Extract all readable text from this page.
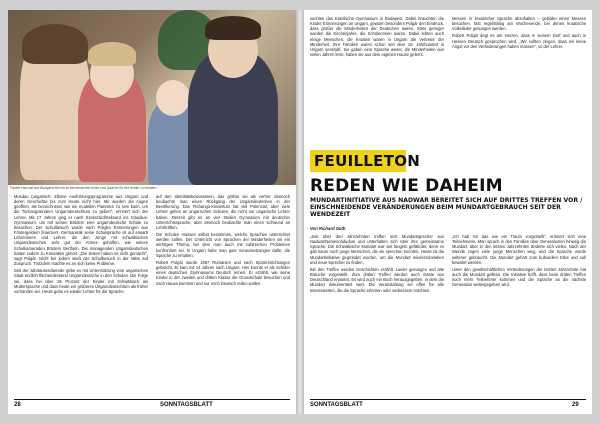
Familie Harmath aus Budapest lebt hin zu der deutschen Kultur und Sprache für ihre Kinder zu erhalten...

Mosdau (ungarisch: Zibrine Ausführungsprogramme aus Ungarn und deren Geschichte bis zum Heute nicht hier. Mir wurden die Augen geöffnet, als bezeichnend, wie ein modellen Pianisten zu sein kann, um die Tschangokindern Ungarndeutschtum zu geben“, erinnert sich der Lehrer. Mit 17 Jahren ging er nach Szekszárd/Seksard ins Claudius-Gymnasium, um mit seinen Brüdern eine ungarndeutsche Schule zu besuchen. Der Schulbesuch wurde nach Polgles Erinnerungen aus Fördergeldern finanziert. Germanistik seine Schulsprache ist auf erwarb Lehrerinnen und Lehrer, die den Jungs mit schwäbischen Ungarndeutschen sehr gut der Armee geholfen, wie seinen Schulkameraden Brüdern Bertheln. Die managenden Ungarndeutschen hatten zudem zu Kreisalten gehört. „Die Seiten haben es nicht gemacht“, sagt Polgár. Nicht bei jedem stieß der Schulbesuch in der Mitte auf Zuspruch. Trotzdem machte es an sich keine Probleme.

Seit der Jahrtausendwende gebe es mit Unterstützung vom ungarischen Staat endlich flächendeckend Ungarndeutsche in den Schulen. Die Folge sei, dass bei über 25 Prozent der Kinder mit Schwäbisch als Muttersprache und dass heute ein größeres Ungarndeutschtum als früher vorhanden sei. Heute gebe es wieder Lehrer für die Sprache.

auf den Identitätsbewusstsein, das größer sei als vorher, dennoch beobachte man einen Rückgang der Ungarndeutschen in der Bevölkerung. Das Tschango-Kindertum hat viel Potenzial, aber viele Lehrer gehen an ungarischen Schulen, die nicht nur ungarische Lehrer haben. Derzeit gibt es an vier Stellen Gymnasien mit deutscher Unterrichtssprache, aber dennoch beobachte man einen Schwund an Lehrkräften.

Die Schulen müssen selbst bestimmen, welche Sprachen unterrichtet werden sollen. Der Unterricht von Sprachen der Minderheiten sei ein wichtiges Thema, bei dem man auch mit zahlreichen Problemen konfrontiert sei. In Ungarn habe man gute Voraussetzungen dafür, die Sprache zu erhalten.

Robert Polgár wurde 1997 Rumänien und nach Sporteinrichtungen gebracht. Er kam mit 14 Jahren nach Ungarn. Hier konnte er als Schüler eines deutschen Gymnasiums Deutsch lernen. Er erzählt, wie seine Kinder in der zweiten und dritten Klasse die Grundschule besuchen und nach Hause kommen und nur noch Deutsch reden wollen.

28	SONNTAGSBLATT

suchten das Katolische Gymnasium in Budapest. Dabei brauchten die Kinder Erinnerungen an Ungarn, gewann besonders Polgár den Eindruck, dass größer die Minderheiten der Deutschen waren. Stets geringer wurden die Kirchenjahre, die Schülerinnen waren. Dabei lebten auch einige Menschen, die Kroaten waren in Ungarn die Vertreter der Minderheit. Ihre Familien waren schon seit dem 18. Jahrhundert in Ungarn sesshaft. Sie gaben eine Sprache weiter, die Minderheiten aus vielen Jahren lernt, haben sie aus dem eigenen Hause gelernt.

Messen in kroatischer Sprache abzuhalten – gebildet einen Messen besuchen, fast regelmäßig am Wochenende, bei denen kroatische Volkslieder gesungen werden.

Robert Polgár liegt es am Herzen, dass in seinem Dorf und auch in Hessen Deutsch gesprochen wird. „Wir sollten zeigen, dass wir keine Angst vor den Veränderungen haben müssen“, so der Lehrer.

FEUILLETON
REDEN WIE DAHEIM
MUNDARTINITIATIVE AUS NADWAR BEREITET SICH AUF DRITTES TREFFEN VOR / EINSCHNEIDENDE VERÄNDERUNGEN BEIM MUNDARTGEBRAUCH SEIT DER WENDEZEIT
Von Richard Guth

„Seit über drei Jahrzehnten treffen sich Mundartsprecher aus Nadwar/Nemesnádudvar und unterhalten sich über ihre gemeinsame Sprache. Die Schwäbische Mundart war seit langem gefährdet, denn es gab kaum noch junge Menschen, die sie sprechen konnten. Heute ist die Mundartinitiative gegründet worden, um die Mundart wiederzubeleben und neue Sprecher zu finden.

Bei den Treffen werden Geschichten erzählt, Lieder gesungen und alte Bräuche vorgestellt. Zum dritten Treffen werden auch Gäste aus Deutschland erwartet. Es wird auch ein Buch herausgegeben, in dem die Mundart dokumentiert wird. Die Veranstaltung sei offen für alle Interessierten, die die Sprache erlernen oder verbessern möchten.

„Ich hab mir das wie ein Traum vorgestellt“, erinnert sich eine Teilnehmerin. Man sprach in den Familien über Generationen hinweg die Mundart, aber in den letzten Jahrzehnten änderte sich vieles. Nach der Wende zogen viele junge Menschen weg, und die Sprache wurde seltener gebraucht. Die Mundart gehört zum kulturellen Erbe und soll bewahrt werden.

Unter den gesellschaftlichen Veränderungen der letzten Jahrzehnte hat auch die Mundart gelitten. Die Initiative hofft, dass beim dritten Treffen noch mehr Teilnehmer kommen und die Sprache an die nächste Generation weitergegeben wird.

SONNTAGSBLATT	29
